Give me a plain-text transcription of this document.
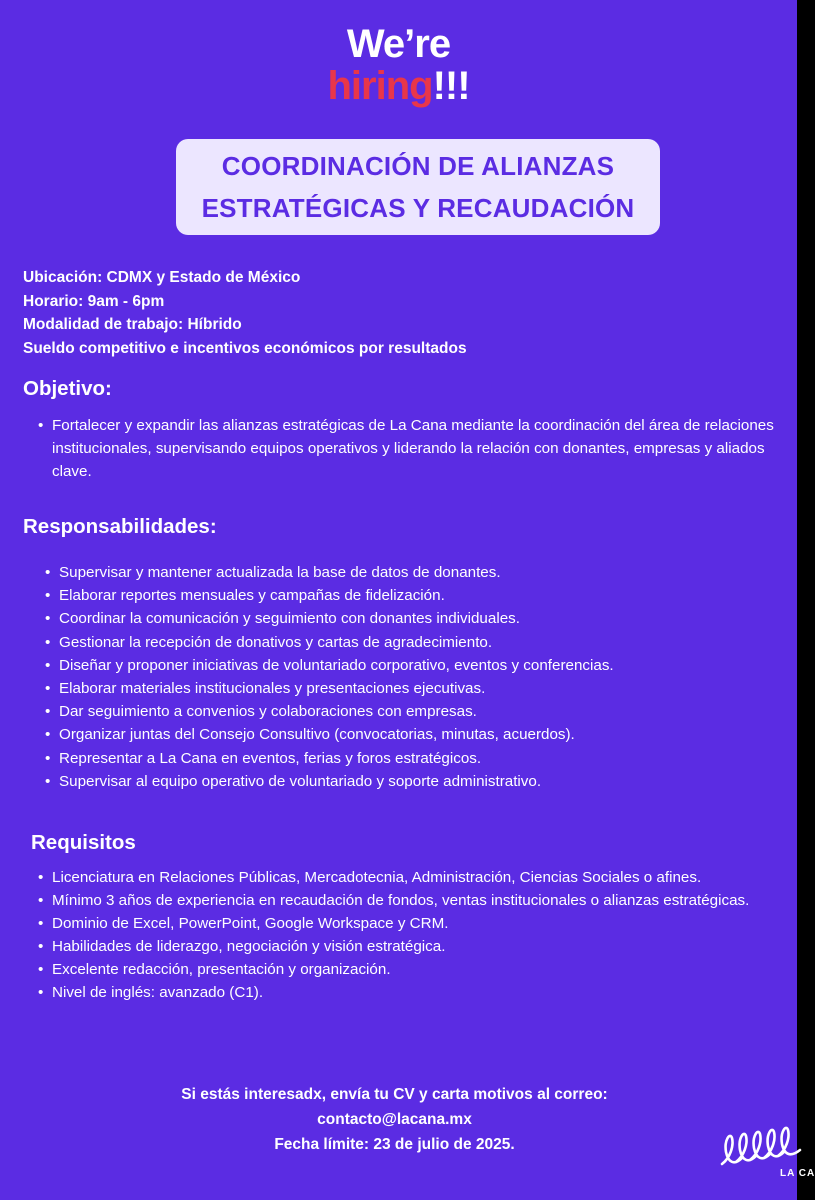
We’re
hiring!!!
COORDINACIÓN DE ALIANZAS
ESTRATÉGICAS Y RECAUDACIÓN
Ubicación: CDMX y Estado de México
Horario: 9am - 6pm
Modalidad de trabajo: Híbrido
Sueldo competitivo e incentivos económicos por resultados
Objetivo:
• Fortalecer y expandir las alianzas estratégicas de La Cana mediante la coordinación del área de relaciones institucionales, supervisando equipos operativos y liderando la relación con donantes, empresas y aliados clave.
Responsabilidades:
• Supervisar y mantener actualizada la base de datos de donantes.
• Elaborar reportes mensuales y campañas de fidelización.
• Coordinar la comunicación y seguimiento con donantes individuales.
• Gestionar la recepción de donativos y cartas de agradecimiento.
• Diseñar y proponer iniciativas de voluntariado corporativo, eventos y conferencias.
• Elaborar materiales institucionales y presentaciones ejecutivas.
• Dar seguimiento a convenios y colaboraciones con empresas.
• Organizar juntas del Consejo Consultivo (convocatorias, minutas, acuerdos).
• Representar a La Cana en eventos, ferias y foros estratégicos.
• Supervisar al equipo operativo de voluntariado y soporte administrativo.
Requisitos
• Licenciatura en Relaciones Públicas, Mercadotecnia, Administración, Ciencias Sociales o afines.
• Mínimo 3 años de experiencia en recaudación de fondos, ventas institucionales o alianzas estratégicas.
• Dominio de Excel, PowerPoint, Google Workspace y CRM.
• Habilidades de liderazgo, negociación y visión estratégica.
• Excelente redacción, presentación y organización.
• Nivel de inglés: avanzado (C1).
Si estás interesadx, envía tu CV y carta motivos al correo:
contacto@lacana.mx
Fecha límite: 23 de julio de 2025.
LA CA
